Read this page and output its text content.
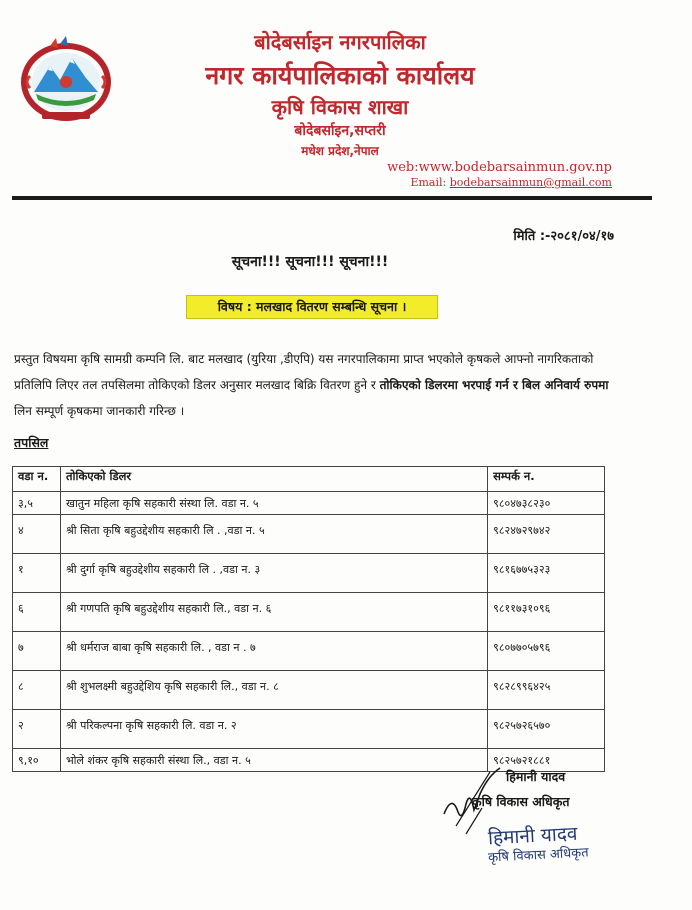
बोदेबर्साइन नगरपालिका
नगर कार्यपालिकाको कार्यालय
कृषि विकास शाखा
बोदेबर्साइन,सप्तरी
मधेश प्रदेश,नेपाल
web:www.bodebarsainmun.gov.np
Email: bodebarsainmun@gmail.com
मिति :-२०८१/०४/१७
सूचना!!! सूचना!!! सूचना!!!
विषय : मलखाद वितरण सम्बन्धि सूचना ।
प्रस्तुत विषयमा कृषि सामग्री कम्पनि लि. बाट मलखाद (युरिया ,डीएपि) यस नगरपालिकामा प्राप्त भएकोले कृषकले आफ्नो नागरिकताको प्रतिलिपि लिएर तल तपसिलमा तोकिएको डिलर अनुसार मलखाद बिक्रि वितरण हुने र तोकिएको डिलरमा भरपाई गर्न र बिल अनिवार्य रुपमा लिन सम्पूर्ण कृषकमा जानकारी गरिन्छ ।
तपसिल
वडा न.	तोकिएको डिलर	सम्पर्क न.
३,५	खातुन महिला कृषि सहकारी संस्था लि. वडा न. ५	९८०४७३८२३०
४	श्री सिता कृषि बहुउद्देशीय सहकारी लि . ,वडा न. ५	९८२४७२९७४२
१	श्री दुर्गा कृषि बहुउद्देशीय सहकारी लि . ,वडा न. ३	९८१६७७५३२३
६	श्री गणपति कृषि बहुउद्देशीय सहकारी लि., वडा न. ६	९८११७३१०९६
७	श्री धर्मराज बाबा कृषि सहकारी लि. , वडा न . ७	९८०७७०५७९६
८	श्री शुभलक्ष्मी बहुउद्देशिय कृषि सहकारी लि., वडा न. ८	९८२८९९६४२५
२	श्री परिकल्पना कृषि सहकारी लि. वडा न. २	९८२५७२६५७०
९,१०	भोले शंकर कृषि सहकारी संस्था लि., वडा न. ५	९८२५७२१८८१
हिमानी यादव
कृषि विकास अधिकृत
हिमानी यादव
कृषि विकास अधिकृत
